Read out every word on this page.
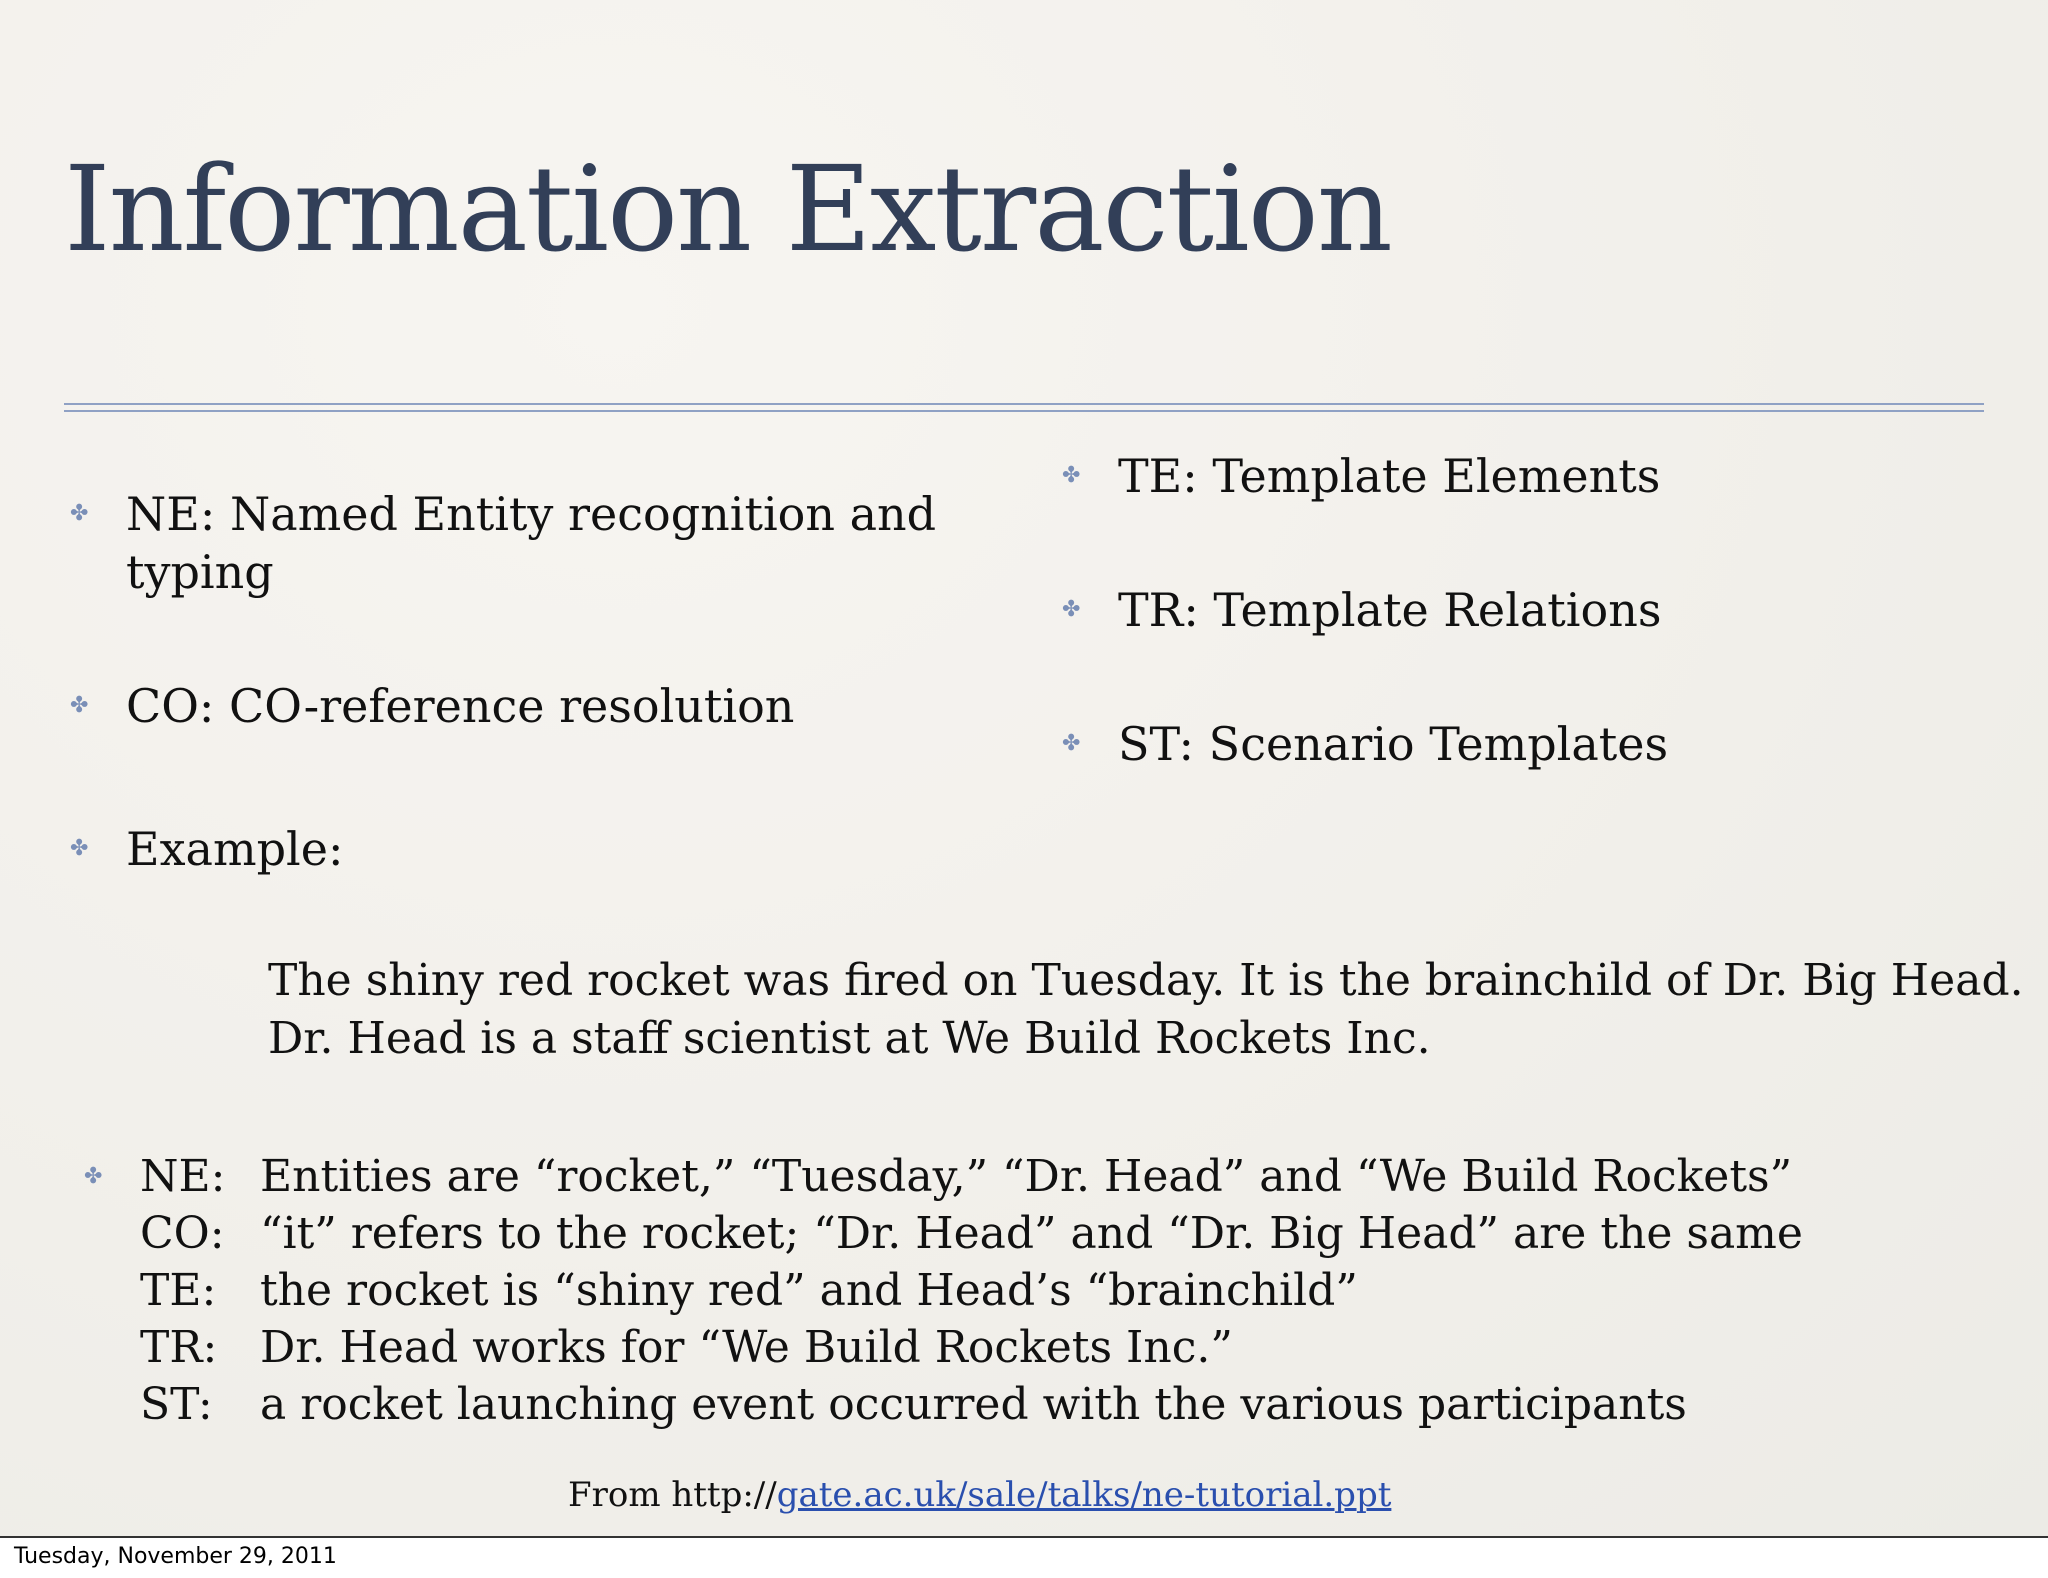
Information Extraction
✤ NE: Named Entity recognition and
typing
✤ CO: CO-reference resolution
✤ Example:
✤ TE: Template Elements
✤ TR: Template Relations
✤ ST: Scenario Templates
The shiny red rocket was fired on Tuesday. It is the brainchild of Dr. Big Head.
Dr. Head is a staff scientist at We Build Rockets Inc.
✤ NE: Entities are “rocket,” “Tuesday,” “Dr. Head” and “We Build Rockets”
CO: “it” refers to the rocket; “Dr. Head” and “Dr. Big Head” are the same
TE: the rocket is “shiny red” and Head’s “brainchild”
TR: Dr. Head works for “We Build Rockets Inc.”
ST:	a rocket launching event occurred with the various participants
From http://gate.ac.uk/sale/talks/ne-tutorial.ppt
Tuesday, November 29, 2011
